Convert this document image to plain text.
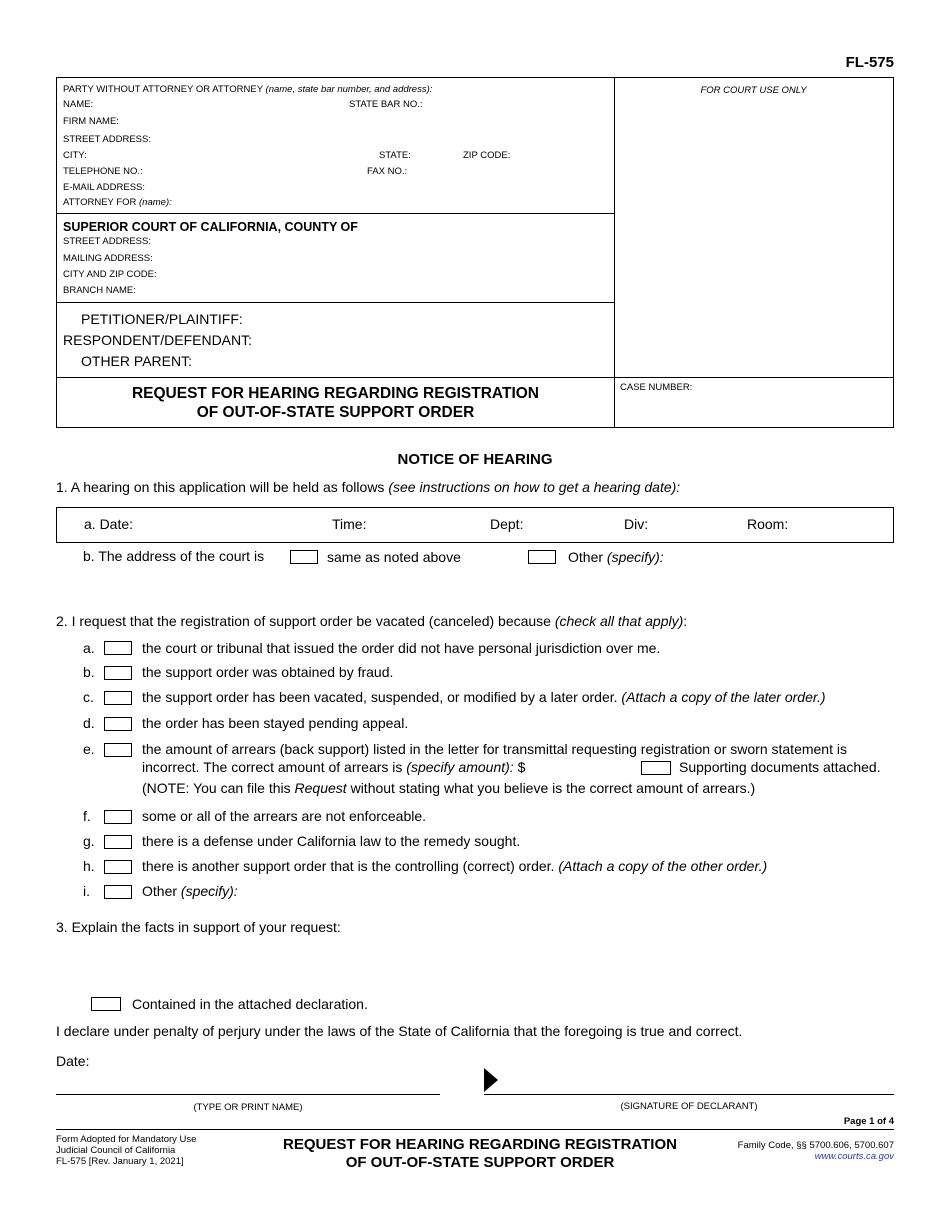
FL-575
PARTY WITHOUT ATTORNEY OR ATTORNEY (name, state bar number, and address):
NAME:	STATE BAR NO.:
FIRM NAME:
STREET ADDRESS:
CITY:	STATE:	ZIP CODE:
TELEPHONE NO.:	FAX NO.:
E-MAIL ADDRESS:
ATTORNEY FOR (name):
SUPERIOR COURT OF CALIFORNIA, COUNTY OF
STREET ADDRESS:
MAILING ADDRESS:
CITY AND ZIP CODE:
BRANCH NAME:
PETITIONER/PLAINTIFF:
RESPONDENT/DEFENDANT:
OTHER PARENT:
REQUEST FOR HEARING REGARDING REGISTRATION
OF OUT-OF-STATE SUPPORT ORDER
FOR COURT USE ONLY
CASE NUMBER:
NOTICE OF HEARING
1. A hearing on this application will be held as follows (see instructions on how to get a hearing date):
a. Date:	Time:	Dept:	Div:	Room:
b. The address of the court is	same as noted above	Other (specify):
2. I request that the registration of support order be vacated (canceled) because (check all that apply):
a.	the court or tribunal that issued the order did not have personal jurisdiction over me.
b.	the support order was obtained by fraud.
c.	the support order has been vacated, suspended, or modified by a later order. (Attach a copy of the later order.)
d.	the order has been stayed pending appeal.
e.	the amount of arrears (back support) listed in the letter for transmittal requesting registration or sworn statement is
incorrect. The correct amount of arrears is (specify amount): $	Supporting documents attached.
(NOTE: You can file this Request without stating what you believe is the correct amount of arrears.)
f.	some or all of the arrears are not enforceable.
g.	there is a defense under California law to the remedy sought.
h.	there is another support order that is the controlling (correct) order. (Attach a copy of the other order.)
i.	Other (specify):
3. Explain the facts in support of your request:
Contained in the attached declaration.
I declare under penalty of perjury under the laws of the State of California that the foregoing is true and correct.
Date:
(TYPE OR PRINT NAME)	(SIGNATURE OF DECLARANT)
Page 1 of 4
Form Adopted for Mandatory Use
Judicial Council of California
FL-575 [Rev. January 1, 2021]
REQUEST FOR HEARING REGARDING REGISTRATION
OF OUT-OF-STATE SUPPORT ORDER
Family Code, §§ 5700.606, 5700.607
www.courts.ca.gov
